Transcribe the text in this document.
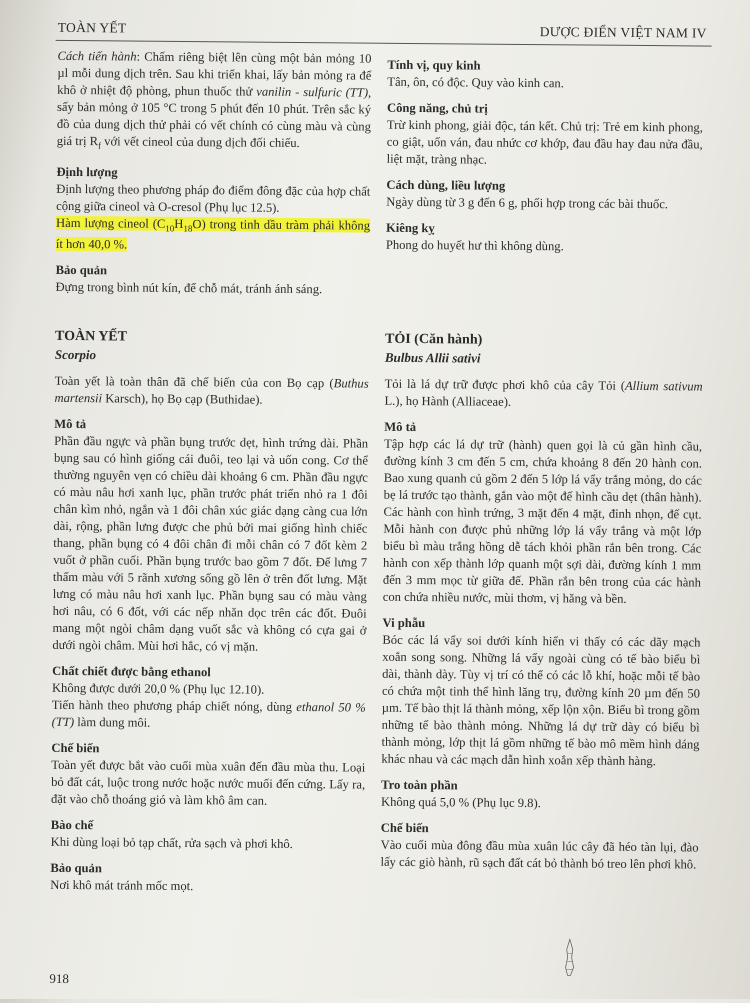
TOÀN YẾT	DƯỢC ĐIỂN VIỆT NAM IV

Cách tiến hành: Chấm riêng biệt lên cùng một bản mỏng 10 µl mỗi dung dịch trên. Sau khi triển khai, lấy bản mỏng ra để khô ở nhiệt độ phòng, phun thuốc thử vanilin - sulfuric (TT), sấy bản mỏng ở 105 °C trong 5 phút đến 10 phút. Trên sắc ký đồ của dung dịch thử phải có vết chính có cùng màu và cùng giá trị $R_f$ với vết cineol của dung dịch đối chiếu.

Định lượng

Định lượng theo phương pháp đo điểm đông đặc của hợp chất cộng giữa cineol và O-cresol (Phụ lục 12.5).

Hàm lượng cineol $(C_{10}H_{18}O)$ trong tinh dầu tràm phải không ít hơn 40,0 %.

Bảo quản

Đựng trong bình nút kín, để chỗ mát, tránh ánh sáng.

Tính vị, quy kinh

Tân, ôn, có độc. Quy vào kinh can.

Công năng, chủ trị

Trừ kinh phong, giải độc, tán kết. Chủ trị: Trẻ em kinh phong, co giật, uốn ván, đau nhức cơ khớp, đau đầu hay đau nửa đầu, liệt mặt, tràng nhạc.

Cách dùng, liều lượng

Ngày dùng từ 3 g đến 6 g, phối hợp trong các bài thuốc.

Kiêng kỵ

Phong do huyết hư thì không dùng.

TOÀN YẾT
Scorpio

Toàn yết là toàn thân đã chế biến của con Bọ cạp (Buthus martensii Karsch), họ Bọ cạp (Buthidae).

Mô tả

Phần đầu ngực và phần bụng trước dẹt, hình trứng dài. Phần bụng sau có hình giống cái đuôi, teo lại và uốn cong. Cơ thể thường nguyên vẹn có chiều dài khoảng 6 cm. Phần đầu ngực có màu nâu hơi xanh lục, phần trước phát triển nhỏ ra 1 đôi chân kìm nhỏ, ngắn và 1 đôi chân xúc giác dạng càng cua lớn dài, rộng, phần lưng được che phủ bởi mai giống hình chiếc thang, phần bụng có 4 đôi chân đi mỗi chân có 7 đốt kèm 2 vuốt ở phần cuối. Phần bụng trước bao gồm 7 đốt. Để lưng 7 thấm màu với 5 rãnh xương sống gồ lên ở trên đốt lưng. Mặt lưng có màu nâu hơi xanh lục. Phần bụng sau có màu vàng hơi nâu, có 6 đốt, với các nếp nhăn dọc trên các đốt. Đuôi mang một ngòi châm dạng vuốt sắc và không có cựa gai ở dưới ngòi châm. Mùi hơi hắc, có vị mặn.

Chất chiết được bằng ethanol

Không được dưới 20,0 % (Phụ lục 12.10).

Tiến hành theo phương pháp chiết nóng, dùng ethanol 50 % (TT) làm dung môi.

Chế biến

Toàn yết được bắt vào cuối mùa xuân đến đầu mùa thu. Loại bỏ đất cát, luộc trong nước hoặc nước muối đến cứng. Lấy ra, đặt vào chỗ thoáng gió và làm khô âm can.

Bào chế

Khi dùng loại bỏ tạp chất, rửa sạch và phơi khô.

Bảo quản

Nơi khô mát tránh mốc mọt.

TỎI (Căn hành)
Bulbus Allii sativi

Tỏi là lá dự trữ được phơi khô của cây Tỏi (Allium sativum L.), họ Hành (Alliaceae).

Mô tả

Tập hợp các lá dự trữ (hành) quen gọi là củ gần hình cầu, đường kính 3 cm đến 5 cm, chứa khoảng 8 đến 20 hành con. Bao xung quanh củ gồm 2 đến 5 lớp lá vẩy trắng mỏng, do các bẹ lá trước tạo thành, gắn vào một đế hình cầu dẹt (thân hành). Các hành con hình trứng, 3 mặt đến 4 mặt, đỉnh nhọn, đế cụt. Mỗi hành con được phủ những lớp lá vẩy trắng và một lớp biểu bì màu trắng hồng dễ tách khỏi phần rắn bên trong. Các hành con xếp thành lớp quanh một sợi dài, đường kính 1 mm đến 3 mm mọc từ giữa đế. Phần rắn bên trong của các hành con chứa nhiều nước, mùi thơm, vị hăng và bền.

Vi phẫu

Bóc các lá vẩy soi dưới kính hiển vi thấy có các dãy mạch xoắn song song. Những lá vẩy ngoài cùng có tế bào biểu bì dài, thành dày. Tùy vị trí có thể có các lỗ khí, hoặc mỗi tế bào có chứa một tinh thể hình lăng trụ, đường kính 20 µm đến 50 µm. Tế bào thịt lá thành mỏng, xếp lộn xộn. Biểu bì trong gồm những tế bào thành mỏng. Những lá dự trữ dày có biểu bì thành mỏng, lớp thịt lá gồm những tế bào mô mềm hình dáng khác nhau và các mạch dẫn hình xoắn xếp thành hàng.

Tro toàn phần

Không quá 5,0 % (Phụ lục 9.8).

Chế biến

Vào cuối mùa đông đầu mùa xuân lúc cây đã héo tàn lụi, đào lấy các giò hành, rũ sạch đất cát bỏ thành bó treo lên phơi khô.

918
